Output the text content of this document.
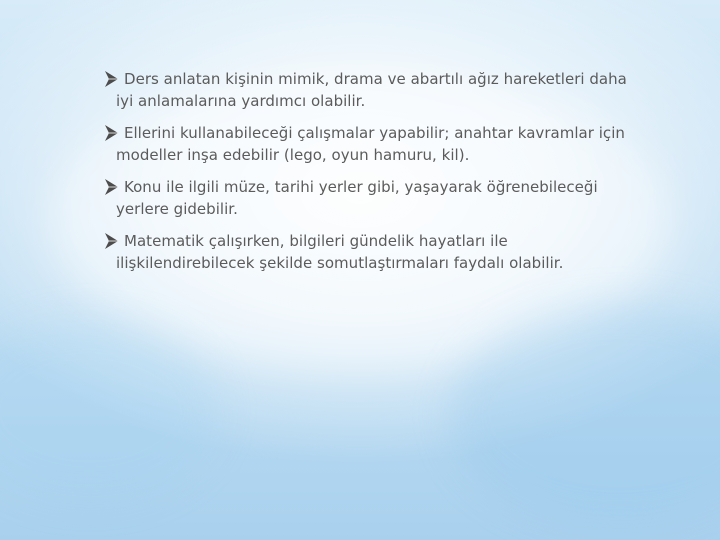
Ders anlatan kişinin mimik, drama ve abartılı ağız hareketleri daha iyi anlamalarına yardımcı olabilir.
Ellerini kullanabileceği çalışmalar yapabilir; anahtar kavramlar için modeller inşa edebilir (lego, oyun hamuru, kil).
Konu ile ilgili müze, tarihi yerler gibi, yaşayarak öğrenebileceği yerlere gidebilir.
Matematik çalışırken, bilgileri gündelik hayatları ile ilişkilendirebilecek şekilde somutlaştırmaları faydalı olabilir.
